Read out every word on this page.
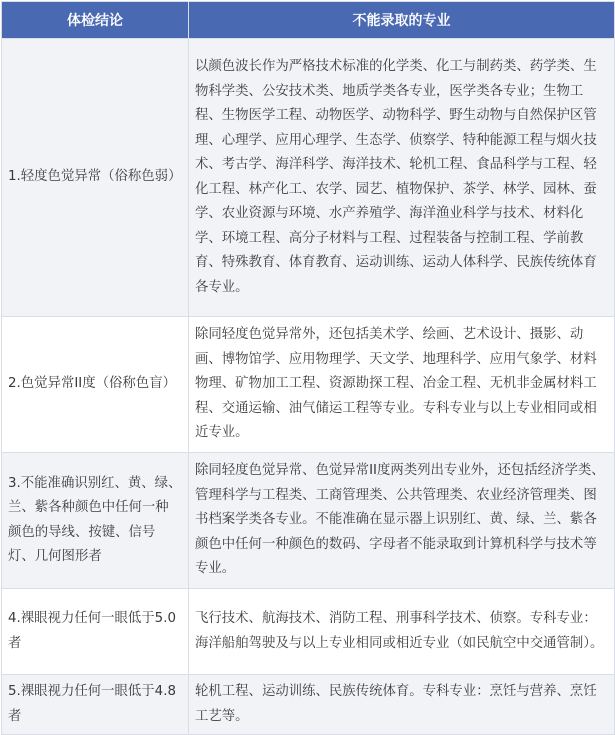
体检结论	不能录取的专业
1.轻度色觉异常（俗称色弱）	以颜色波长作为严格技术标准的化学类、化工与制药类、药学类、生物科学类、公安技术类、地质学类各专业，医学类各专业；生物工程、生物医学工程、动物医学、动物科学、野生动物与自然保护区管理、心理学、应用心理学、生态学、侦察学、特种能源工程与烟火技术、考古学、海洋科学、海洋技术、轮机工程、食品科学与工程、轻化工程、林产化工、农学、园艺、植物保护、茶学、林学、园林、蚕学、农业资源与环境、水产养殖学、海洋渔业科学与技术、材料化学、环境工程、高分子材料与工程、过程装备与控制工程、学前教育、特殊教育、体育教育、运动训练、运动人体科学、民族传统体育各专业。
2.色觉异常II度（俗称色盲）	除同轻度色觉异常外，还包括美术学、绘画、艺术设计、摄影、动画、博物馆学、应用物理学、天文学、地理科学、应用气象学、材料物理、矿物加工工程、资源勘探工程、冶金工程、无机非金属材料工程、交通运输、油气储运工程等专业。专科专业与以上专业相同或相近专业。
3.不能准确识别红、黄、绿、兰、紫各种颜色中任何一种颜色的导线、按键、信号灯、几何图形者	除同轻度色觉异常、色觉异常II度两类列出专业外，还包括经济学类、管理科学与工程类、工商管理类、公共管理类、农业经济管理类、图书档案学类各专业。不能准确在显示器上识别红、黄、绿、兰、紫各颜色中任何一种颜色的数码、字母者不能录取到计算机科学与技术等专业。
4.裸眼视力任何一眼低于5.0者	飞行技术、航海技术、消防工程、刑事科学技术、侦察。专科专业：海洋船舶驾驶及与以上专业相同或相近专业（如民航空中交通管制）。
5.裸眼视力任何一眼低于4.8者	轮机工程、运动训练、民族传统体育。专科专业：烹饪与营养、烹饪工艺等。
